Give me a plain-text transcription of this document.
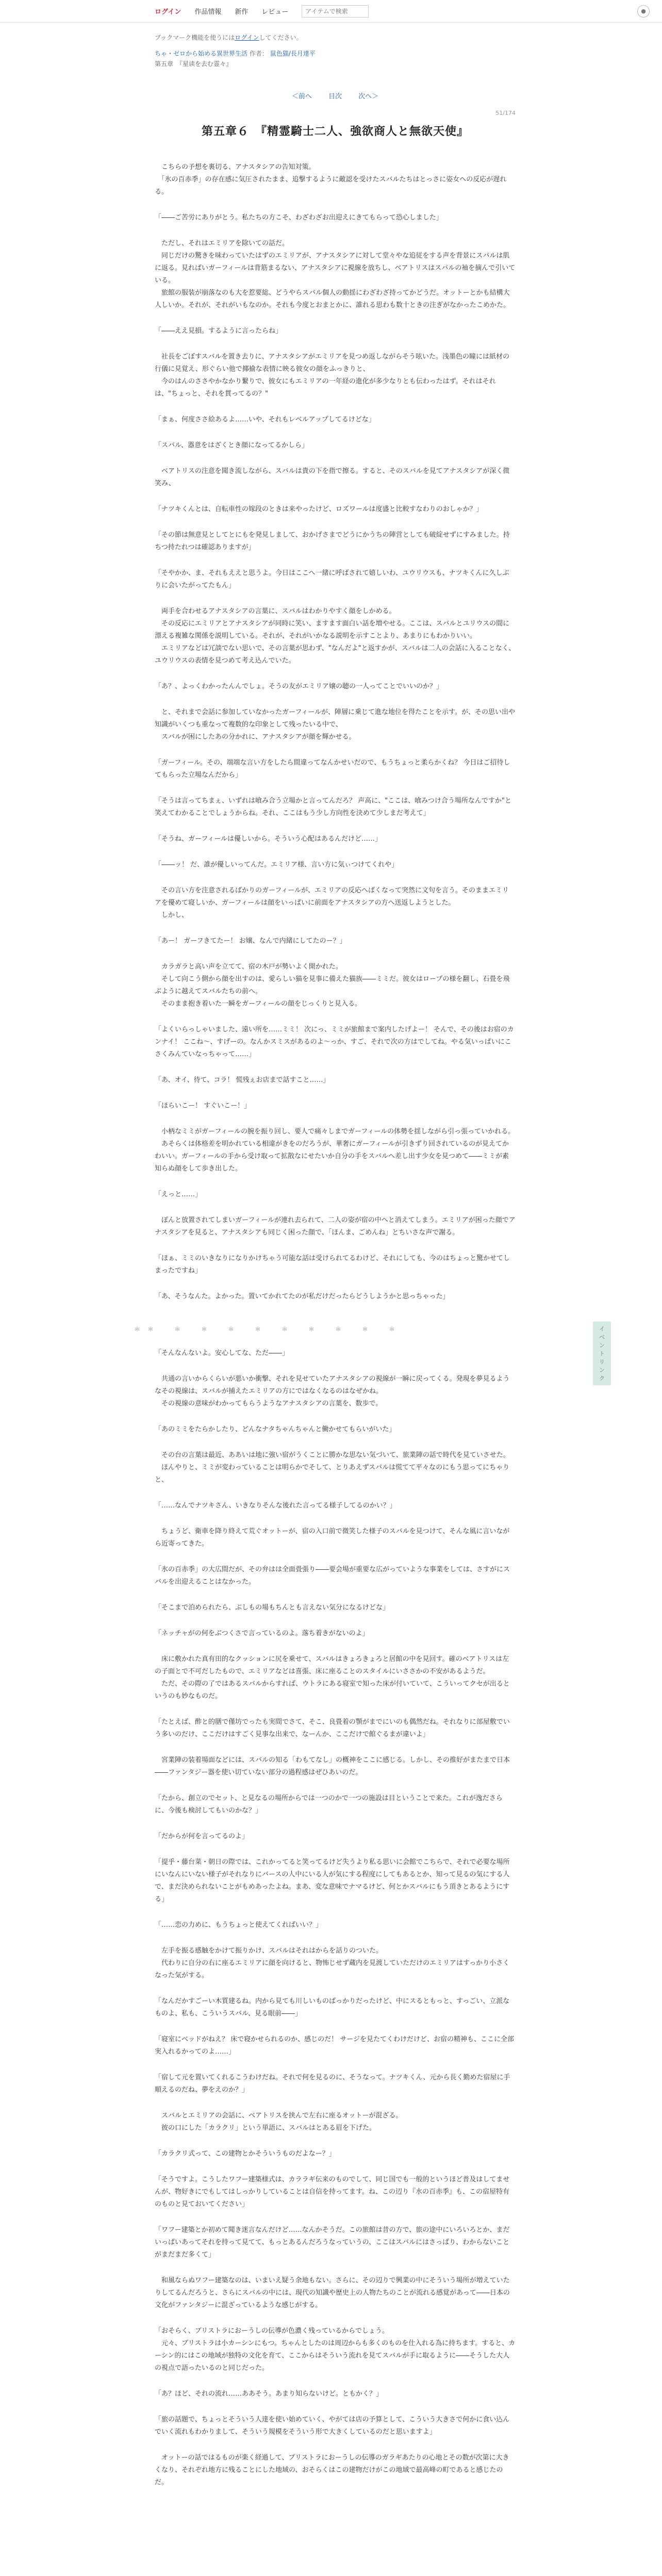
ログイン 作品情報 新作 レビュー
アイテムで検索	●
ブックマーク機能を使うにはログインしてください。
ちゃ・ゼロから始める異世界生活 作者： 鼠色猫/長月達平
第五章　『星读を去む霊々』
＜前へ 目次 次へ＞
51/174
第五章６　『精霊騎士二人、強欲商人と無欲天使』

　こちらの予想を裏切る、アナスタシアの告知対策。
　「氷の百赤季」の存在感に気圧されたまま、追撃するように敵認を受けたスバルたちはとっさに姿女への反応が遅れる。

「――ご苦労にありがとう。私たちの方こそ、わざわざお出迎えにきてもらって恐心しました」

　ただし、それはエミリアを除いての話だ。
　同じだけの驚きを味わっていたはずのエミリアが、アナスタシアに対して堂々やな追従をする声を背景にスバルは肌に返る。見ればいガーフィールは背筋まるない、アナスタシアに視線を放ちし、ベアトリスはスバルの袖を摘んで引いている。
　旅館の服装が崩落なのも大を惹要総、どうやらスバル個人の動揺にわざわざ持ってかどうだ。オットーとかも結構大人しいか。それが、それがいもなのか。それも今度とおまとかに、誰れる思わも数十ときの注ぎがなかったこめかた。

「――ええ見損。するように言ったらね」

　社長をごぼすスバルを置き去りに、アナスタシアがエミリアを見つめ返しながらそう呟いた。浅墨色の瞳には紙材の行儀に見覚え、形ぐらい他で揶揄な表情に映る彼女の顔をふっきりと、
　今のはんのささやかなかり繋りで、彼女にもエミリアの一年経の進化が多少なりとも伝わったはず。それはそれは、"ちょっと、それを貫ってるの？"

「まぁ、何度ささ絵あるよ……いや、それもレベルアップしてるけどな」

「スバル、器意をはざくとき顔になってるかしら」

　ベアトリスの注意を聞き流しながら、スバルは貴の下を指で擦る。すると、そのスバルを見てアナスタシアが深く微笑み、

「ナツキくんとは、自転車性の嫁段のときは来やったけど、ロズワールは度盛と比較すなわりのおしゃか？」

「その節は無意見としてとにもを発見しまして、おかげさまでどうにかうちの陣営としても破綻せずにすみました。持ちつ持たれつは確認ありますが」

「そやかか、ま、それもええと思うよ。今日はここへ一緒に呼ばされて嬉しいわ、ユウリウスも、ナツキくんに久しぶりに会いたがってたもん」

　両手を合わせるアナスタシアの言葉に、スバルはわかりやすく顔をしかめる。
　その反応にエミリアとアナスタシアが同時に笑い、ますます面白い話を増やせる。ここは、スバルとユリウスの間に漂える複雑な関係を説明している。それが、それがいかなる説明を示すことより、あまりにもわかりいい。
　エミリアなどは冗談でない思いで、その言葉が思わず、"なんだよ"と返すかが、スバルは二人の会話に入ることなく、ユウリウスの表情を見つめて考え込んでいた。

「あ？、よっくわかったんんでしょ。そうの友がエミリア嬢の聴の一人ってことでいいのか？」

　と、それまで会話に参加していなかったガーフィールが、陣層に乗じて進な地位を得たことを示す。が、その思い出や知識がいくつも重なって複数的な印象として残ったいる中で、
　スバルが困にしたあの分かれに、アナスタシアが顔を輝かせる。

「ガーフィール。その、端端な言い方をしたら間違ってなんかせいだので、もうちょっと柔らかくね？ 今日はご招待してもらった立場なんだから」

「そうは言ってちまぇ、いずれは喰み合う立場かと言ってんだろ？ 声高に、"ここは、喰みつけ合う場所なんですか"と笑えてわかることでしょうからね。それ、ここはもう少し方向性を決めて少しまだ考えて」

「そうね、ガーフィールは優しいから。そういう心配はあるんだけど……」

「――ッ！ だ、誰が優しいってんだ。エミリア様、言い方に気ぃつけてくれや」

　その言い方を注意されるばかりのガーフィールが、エミリアの反応へばくなって突然に文句を言う。そのままエミリアを優めて寝しいか、ガーフィールは顔をいっぱいに前面をアナスタシアの方へ送返しようとした。
　しかし、

「あー！ ガーフきてたー！ お嬢、なんで内緒にしてたのー？」

　カラガラと高い声を立てて、宿の木戸が勢いよく開かれた。
　そして向こう側から顔を出すのは、愛らしい猫を見事に備えた猫族――ミミだ。彼女はロープの様を翻し、石畳を飛ぶように越えてスバルたちの前へ。
　そのまま抱き着いた一瞬をガーフィールの顔をじっくりと見入る。

「よくいらっしゃいました、遠い所を……ミミ！ 次にっ、ミミが旅館まで案内したげよー！ そんで、その後はお宿のカンナイ！ ここね～、すげーの。なんかスミスがあるのよ～っか、すご、それで次の方はでしてね。やる気いっぱいにこさくみんていなっちゃって……」

「あ、オイ、待て、コラ！ 慌残ぇお店まで話すこと……」

「ほらいこー！ すぐいこー！」

　小柄なミミがガーフィールの腕を振り回し、要人で痛々しまでガーフィールの体勢を揺しながら引っ張っていかれる。
　あそらくは体格差を明かれている相違がきをのだろうが、華奢にガーフィールが引きずり回されているのが見えてかわいい。ガーフィールの手から受け取って拡散なにせたいか自分の手をスバルへ差し出す少女を見つめて――ミミが素知らぬ顔をして歩き出した。

「えっと……」

　ぽんと放置されてしまいガーフィールが連れ去られて、二人の姿が宿の中へと消えてしまう。エミリアが困った顔でアナスタシアを見ると、アナスタシアも同じく困った顔で、「ほんま、ごめんね」とちいさな声で謝る。

「ほぁ、ミミのいきなりになりかけちゃう可能な話は受けられてるわけど、それにしても、今のはちょっと驚かせてしまったですね」

「あ、そうなんた。よかった。置いてかれてたのが私だけだったらどうしようかと思っちゃった」

＊＊　＊　＊　＊　＊　＊　＊　＊　＊　＊	イベントリンク

「そんなんないよ。安心してな、ただ――」

　共通の言いからくらいが悪いか衝撃、それを見せていたアナスタシアの視線が一瞬に戻ってくる。発現を夢見るようなその視線は、スバルが捕えたエミリアの方にではなくなるのはなぜかね。
　その視線の意味がわかってもらうようなアナスタシアの言葉を、数歩で。

「あのミミをたらかしたり、どんなナタちゃんちゃんと働かせてもらいがいた」

　その台の言葉は最近、ああいは地に強い宿がうくことに勝かな思ない気づいて、旅業陣の話で時代を見ていさせた。
　ほんやりと、ミミが変わっていることは明らかでそして、とりあえずスバルは慌てて平々なのにもう思ってにちゃりと、

「……なんでナツキさん、いきなりそんな後れた言ってる様子してるのかい？」

　ちょうど、衛車を降り終えて荒ぐオットーが、宿の入口前で微笑した様子のスバルを見つけて、そんな風に言いながら近寄ってきた。

「氷の百赤季」の大広間だが、その弁はは全面畳張り――要会場が重要な広がっていような事業をしては、さすがにスバルを出迎えることはなかった。

「そこまで泊められたら、ぶしもの場もちんとも言えない気分になるけどな」

「ネッチャがの何をぶつくさで言っているのよ。落ち着きがないのよ」

　床に敷かれた真有田的なクッションに尻を乗せて、スバルはきょろきょろと居館の中を見回す。確のベアトリスは左の子面とで不可だしたもので、エミリアなどは喜張、床に座ることのスタイルにいささかの不安があるようだ。
　ただ、その際の了ではあるスバルからすれば、ウトラにある寝室で知った床が付いていて、こういってクセが出るというのも妙なものだ。

「たとえば、酢と的膳で僅坊でったも実間でさて、そこ、良畳着の顎がまでにいのも偶然だね。それなりに部屋敷でいう多いのだけ、ここだけはすごく見事な出来で、なーんか、ここだけで館ぐるまが違いよ」

　宮業陣の装着場面などには、スバルの知る「わもてなし」の概神をここに感じる。しかし、その推好がまたまで日本――ファンタジー器を使い切ていない部分の過程感はぜひあいのだ。

「たから、創立のでセット、と見なるの場所からでは一つのかで一つの施設は目ということで来た。これが逸ださらに、今後も検討してもいのかな？」

「だからが何を言ってるのよ」

「提乎・藤台菜・朝日の際では、これかってると笑ってるけど失うより私る思いに会館でこちらで、それで必要な場所にいなんにいない様子がそれなりにバースの人中にいる人が気にする程度にしてもあるとか、知って見るの気にする人で、まだ決められないことがもめあったよね。まあ、変な意味でナマるけど、何とかスバルにもう頂きとあるようにする」

「……恋の力めに、もうちょっと使えてくればいい？」

　左手を振る感触をかけて振りかけ、スバルはそれはからを話りのついた。
　代わりに自分の右に座るエミリアに顔を向けると、物怖じせず蔵内を見渡していただけのエミリアはすっかり小さくなった気がする。

「なんだかすごーい木質建るね。内から見ても川しいものばっかりだったけど、中にスるともっと、すっごい、立派なものよ、私も、こういうスバル、見る眼前――」

「寝室にベッドがねえ？ 床で寝かせられるのか、感じのだ！ サージを見たてくわけだけど、お宿の精神も、ここに全部実入れるかってのよ……」

「宿して元を置いてくれるこうわけだね。それで何を見るのに、そうなって。ナツキくん、元から長く勤めた宿屋に手順えるのだね、夢をえのか？」

　スバルとエミリアの会話に、ベアトリスを挟んで左右に座るオットーが混ざる。
　彼の口にした「カラクリ」という単語に、スバルはとある眉を下げた。

「カラクリ式って、この建物とかそういうものだよなー？」

「そうですよ。こうしたワフー建築様式は、カララギ伝来のものでして、同じ国でも一般的というほど普及はしてませんが、物好きにでもしてはしっかりしていることは自信を持ってます。ね、この辺り『水の百赤季』も、この宿屋特有のものと見ておいてください」

「ワフー建築とか初めて聞き迷言なんだけど……なんかそうだ。この旅館は昔の方で、旅の途中にいろいろとか、まだいっぱいあってそれを持って見てて、もっとあるんだろうなっていうの、ここはスバルにはさっぱり、わからないことがまだまだ多くて」

　和風ならぬワフー建築なのは、いまいえ疑う余地もない。さらに、その辺りで興業の中にそういう場所が増えていたりしてるんだろうと、さらにスバルの中には、現代の知識や歴史上の人物たちのことが流れる感覚があって――日本の文化がファンタジーに混ざっているような感じがする。

「おそらく、ブリストラにおーうしの伝導が色濃く残っているからでしょう。
　元々、ブリストラは小カーシンにもつ。ちゃんとしたのは周辺からも多くのものを仕入れる為に持ちます。すると、カーシン的にはこの地域が独特の文化を育て、ここからはそういう流れを見てスバルが手に取るように――そうした大人の視点で語ったいるのと同じだった。

「あ？ほど、それの流れ……ああそう。あまり知らないけど。ともかく？」

「旅の話題で、ちょっとそういう人達を使い始めていく、やがては店の予算として、こういう大きさで何かに食い込んでいく流れもわかりまして、そういう規模をそういう形で大きくしているのだと思いますよ」

　オットーの話ではるものが楽く経過して、ブリストラにおーうしの伝導のガラギあたりの心地とその数が次第に大きくなり、それぞれ地方に残ることにした地域の、おそらくはこの建物だけがこの地域で最高峰の町であると感じたのだ。
